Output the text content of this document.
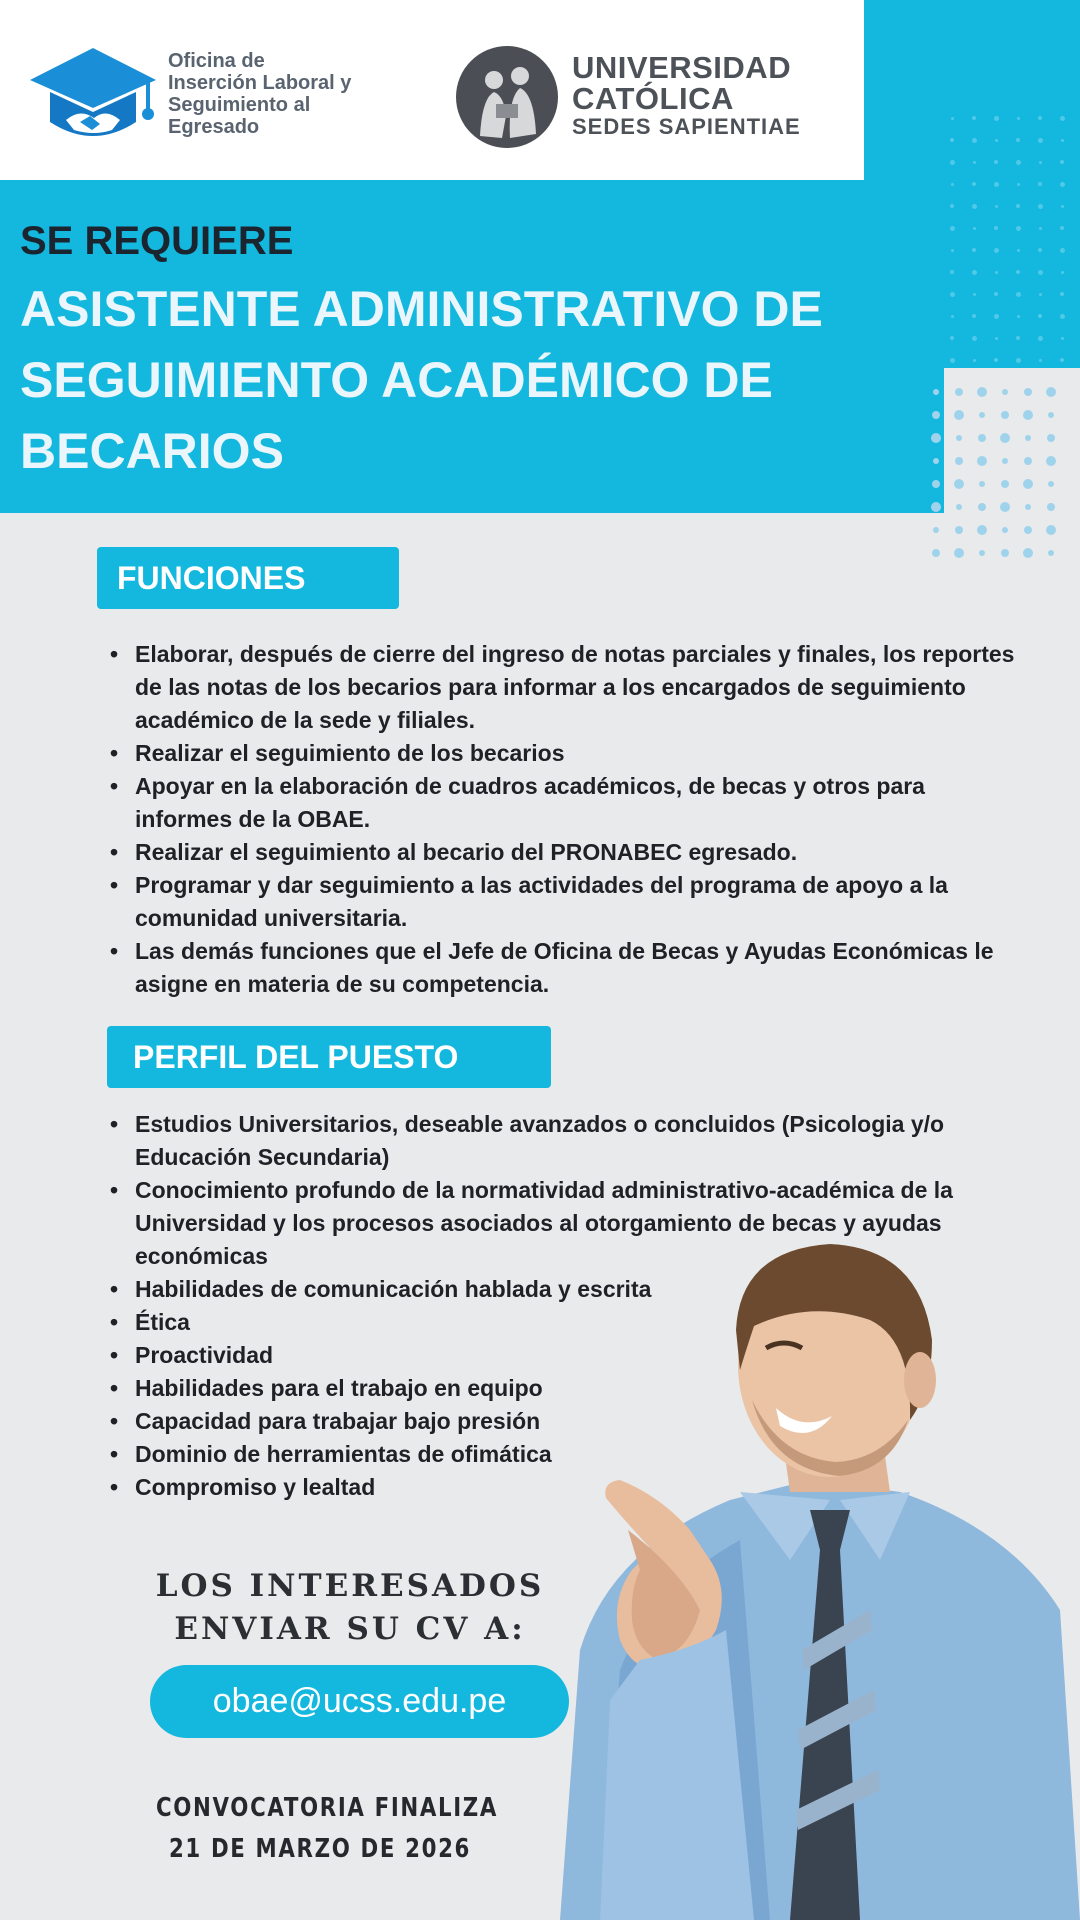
Oficina de
Inserción Laboral y
Seguimiento al
Egresado
UNIVERSIDAD
CATÓLICA
SEDES SAPIENTIAE
SE REQUIERE
ASISTENTE ADMINISTRATIVO DE SEGUIMIENTO ACADÉMICO DE BECARIOS
FUNCIONES
• Elaborar, después de cierre del ingreso de notas parciales y finales, los reportes de las notas de los becarios para informar a los encargados de seguimiento académico de la sede y filiales.
• Realizar el seguimiento de los becarios
• Apoyar en la elaboración de cuadros académicos, de becas y otros para informes de la OBAE.
• Realizar el seguimiento al becario del PRONABEC egresado.
• Programar y dar seguimiento a las actividades del programa de apoyo a la comunidad universitaria.
• Las demás funciones que el Jefe de Oficina de Becas y Ayudas Económicas le asigne en materia de su competencia.
PERFIL DEL PUESTO
• Estudios Universitarios, deseable avanzados o concluidos (Psicologia y/o Educación Secundaria)
• Conocimiento profundo de la normatividad administrativo-académica de la Universidad y los procesos asociados al otorgamiento de becas y ayudas económicas
• Habilidades de comunicación hablada y escrita
• Ética
• Proactividad
• Habilidades para el trabajo en equipo
• Capacidad para trabajar bajo presión
• Dominio de herramientas de ofimática
• Compromiso y lealtad
LOS INTERESADOS
ENVIAR SU CV A:
obae@ucss.edu.pe
CONVOCATORIA FINALIZA
21 DE MARZO DE 2026
